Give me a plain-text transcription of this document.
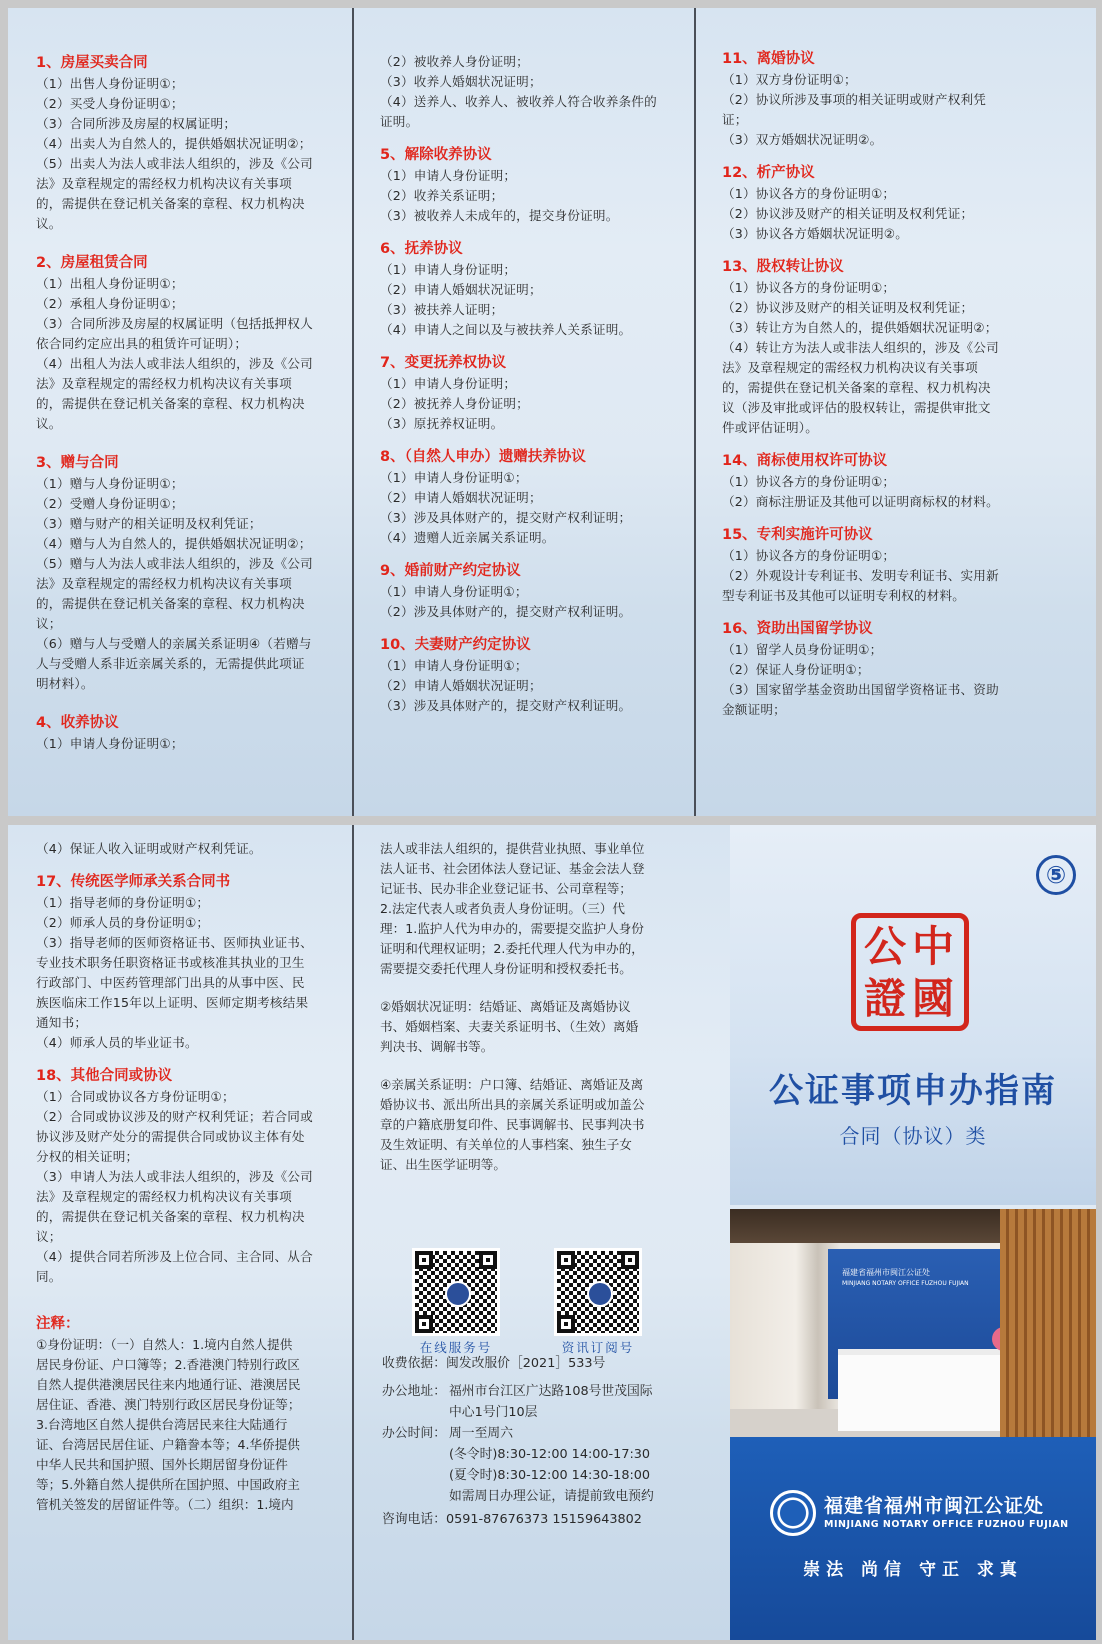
1、房屋买卖合同

（1）出售人身份证明①；

（2）买受人身份证明①；

（3）合同所涉及房屋的权属证明；

（4）出卖人为自然人的，提供婚姻状况证明②；

（5）出卖人为法人或非法人组织的，涉及《公司

法》及章程规定的需经权力机构决议有关事项

的，需提供在登记机关备案的章程、权力机构决

议。

2、房屋租赁合同

（1）出租人身份证明①；

（2）承租人身份证明①；

（3）合同所涉及房屋的权属证明（包括抵押权人

依合同约定应出具的租赁许可证明）；

（4）出租人为法人或非法人组织的，涉及《公司

法》及章程规定的需经权力机构决议有关事项

的，需提供在登记机关备案的章程、权力机构决

议。

3、赠与合同

（1）赠与人身份证明①；

（2）受赠人身份证明①；

（3）赠与财产的相关证明及权利凭证；

（4）赠与人为自然人的，提供婚姻状况证明②；

（5）赠与人为法人或非法人组织的，涉及《公司

法》及章程规定的需经权力机构决议有关事项

的，需提供在登记机关备案的章程、权力机构决

议；

（6）赠与人与受赠人的亲属关系证明④（若赠与

人与受赠人系非近亲属关系的，无需提供此项证

明材料）。

4、收养协议

（1）申请人身份证明①；

（2）被收养人身份证明；

（3）收养人婚姻状况证明；

（4）送养人、收养人、被收养人符合收养条件的

证明。

5、解除收养协议

（1）申请人身份证明；

（2）收养关系证明；

（3）被收养人未成年的，提交身份证明。

6、抚养协议

（1）申请人身份证明；

（2）申请人婚姻状况证明；

（3）被扶养人证明；

（4）申请人之间以及与被扶养人关系证明。

7、变更抚养权协议

（1）申请人身份证明；

（2）被抚养人身份证明；

（3）原抚养权证明。

8、（自然人申办）遗赠扶养协议

（1）申请人身份证明①；

（2）申请人婚姻状况证明；

（3）涉及具体财产的，提交财产权利证明；

（4）遗赠人近亲属关系证明。

9、婚前财产约定协议

（1）申请人身份证明①；

（2）涉及具体财产的，提交财产权利证明。

10、夫妻财产约定协议

（1）申请人身份证明①；

（2）申请人婚姻状况证明；

（3）涉及具体财产的，提交财产权利证明。

11、离婚协议

（1）双方身份证明①；

（2）协议所涉及事项的相关证明或财产权利凭

证；

（3）双方婚姻状况证明②。

12、析产协议

（1）协议各方的身份证明①；

（2）协议涉及财产的相关证明及权利凭证；

（3）协议各方婚姻状况证明②。

13、股权转让协议

（1）协议各方的身份证明①；

（2）协议涉及财产的相关证明及权利凭证；

（3）转让方为自然人的，提供婚姻状况证明②；

（4）转让方为法人或非法人组织的，涉及《公司

法》及章程规定的需经权力机构决议有关事项

的，需提供在登记机关备案的章程、权力机构决

议（涉及审批或评估的股权转让，需提供审批文

件或评估证明）。

14、商标使用权许可协议

（1）协议各方的身份证明①；

（2）商标注册证及其他可以证明商标权的材料。

15、专利实施许可协议

（1）协议各方的身份证明①；

（2）外观设计专利证书、发明专利证书、实用新

型专利证书及其他可以证明专利权的材料。

16、资助出国留学协议

（1）留学人员身份证明①；

（2）保证人身份证明①；

（3）国家留学基金资助出国留学资格证书、资助

金额证明；

（4）保证人收入证明或财产权利凭证。

17、传统医学师承关系合同书

（1）指导老师的身份证明①；

（2）师承人员的身份证明①；

（3）指导老师的医师资格证书、医师执业证书、

专业技术职务任职资格证书或核准其执业的卫生

行政部门、中医药管理部门出具的从事中医、民

族医临床工作15年以上证明、医师定期考核结果

通知书；

（4）师承人员的毕业证书。

18、其他合同或协议

（1）合同或协议各方身份证明①；

（2）合同或协议涉及的财产权利凭证；若合同或

协议涉及财产处分的需提供合同或协议主体有处

分权的相关证明；

（3）申请人为法人或非法人组织的，涉及《公司

法》及章程规定的需经权力机构决议有关事项

的，需提供在登记机关备案的章程、权力机构决

议；

（4）提供合同若所涉及上位合同、主合同、从合

同。

注释：

①身份证明：（一）自然人：1.境内自然人提供

居民身份证、户口簿等；2.香港澳门特别行政区

自然人提供港澳居民往来内地通行证、港澳居民

居住证、香港、澳门特别行政区居民身份证等；

3.台湾地区自然人提供台湾居民来往大陆通行

证、台湾居民居住证、户籍誊本等；4.华侨提供

中华人民共和国护照、国外长期居留身份证件

等；5.外籍自然人提供所在国护照、中国政府主

管机关签发的居留证件等。（二）组织：1.境内

法人或非法人组织的，提供营业执照、事业单位

法人证书、社会团体法人登记证、基金会法人登

记证书、民办非企业登记证书、公司章程等；

2.法定代表人或者负责人身份证明。（三）代

理：1.监护人代为申办的，需要提交监护人身份

证明和代理权证明；2.委托代理人代为申办的，

需要提交委托代理人身份证明和授权委托书。

②婚姻状况证明：结婚证、离婚证及离婚协议

书、婚姻档案、夫妻关系证明书、（生效）离婚

判决书、调解书等。

④亲属关系证明：户口簿、结婚证、离婚证及离

婚协议书、派出所出具的亲属关系证明或加盖公

章的户籍底册复印件、民事调解书、民事判决书

及生效证明、有关单位的人事档案、独生子女

证、出生医学证明等。

在线服务号	资讯订阅号
收费依据：闽发改服价［2021］533号
办公地址： 福州市台江区广达路108号世茂国际
中心1号门10层
办公时间： 周一至周六
(冬令时)8:30-12:00 14:00-17:30
(夏令时)8:30-12:00 14:30-18:00
如需周日办理公证，请提前致电预约
咨询电话：0591-87676373 15159643802
⑤
中
公
國
證
公证事项申办指南
合同（协议）类
福建省福州市闽江公证处
MINJIANG NOTARY OFFICE FUZHOU FUJIAN
福建省福州市闽江公证处
MINJIANG NOTARY OFFICE FUZHOU FUJIAN
崇法 尚信 守正 求真
